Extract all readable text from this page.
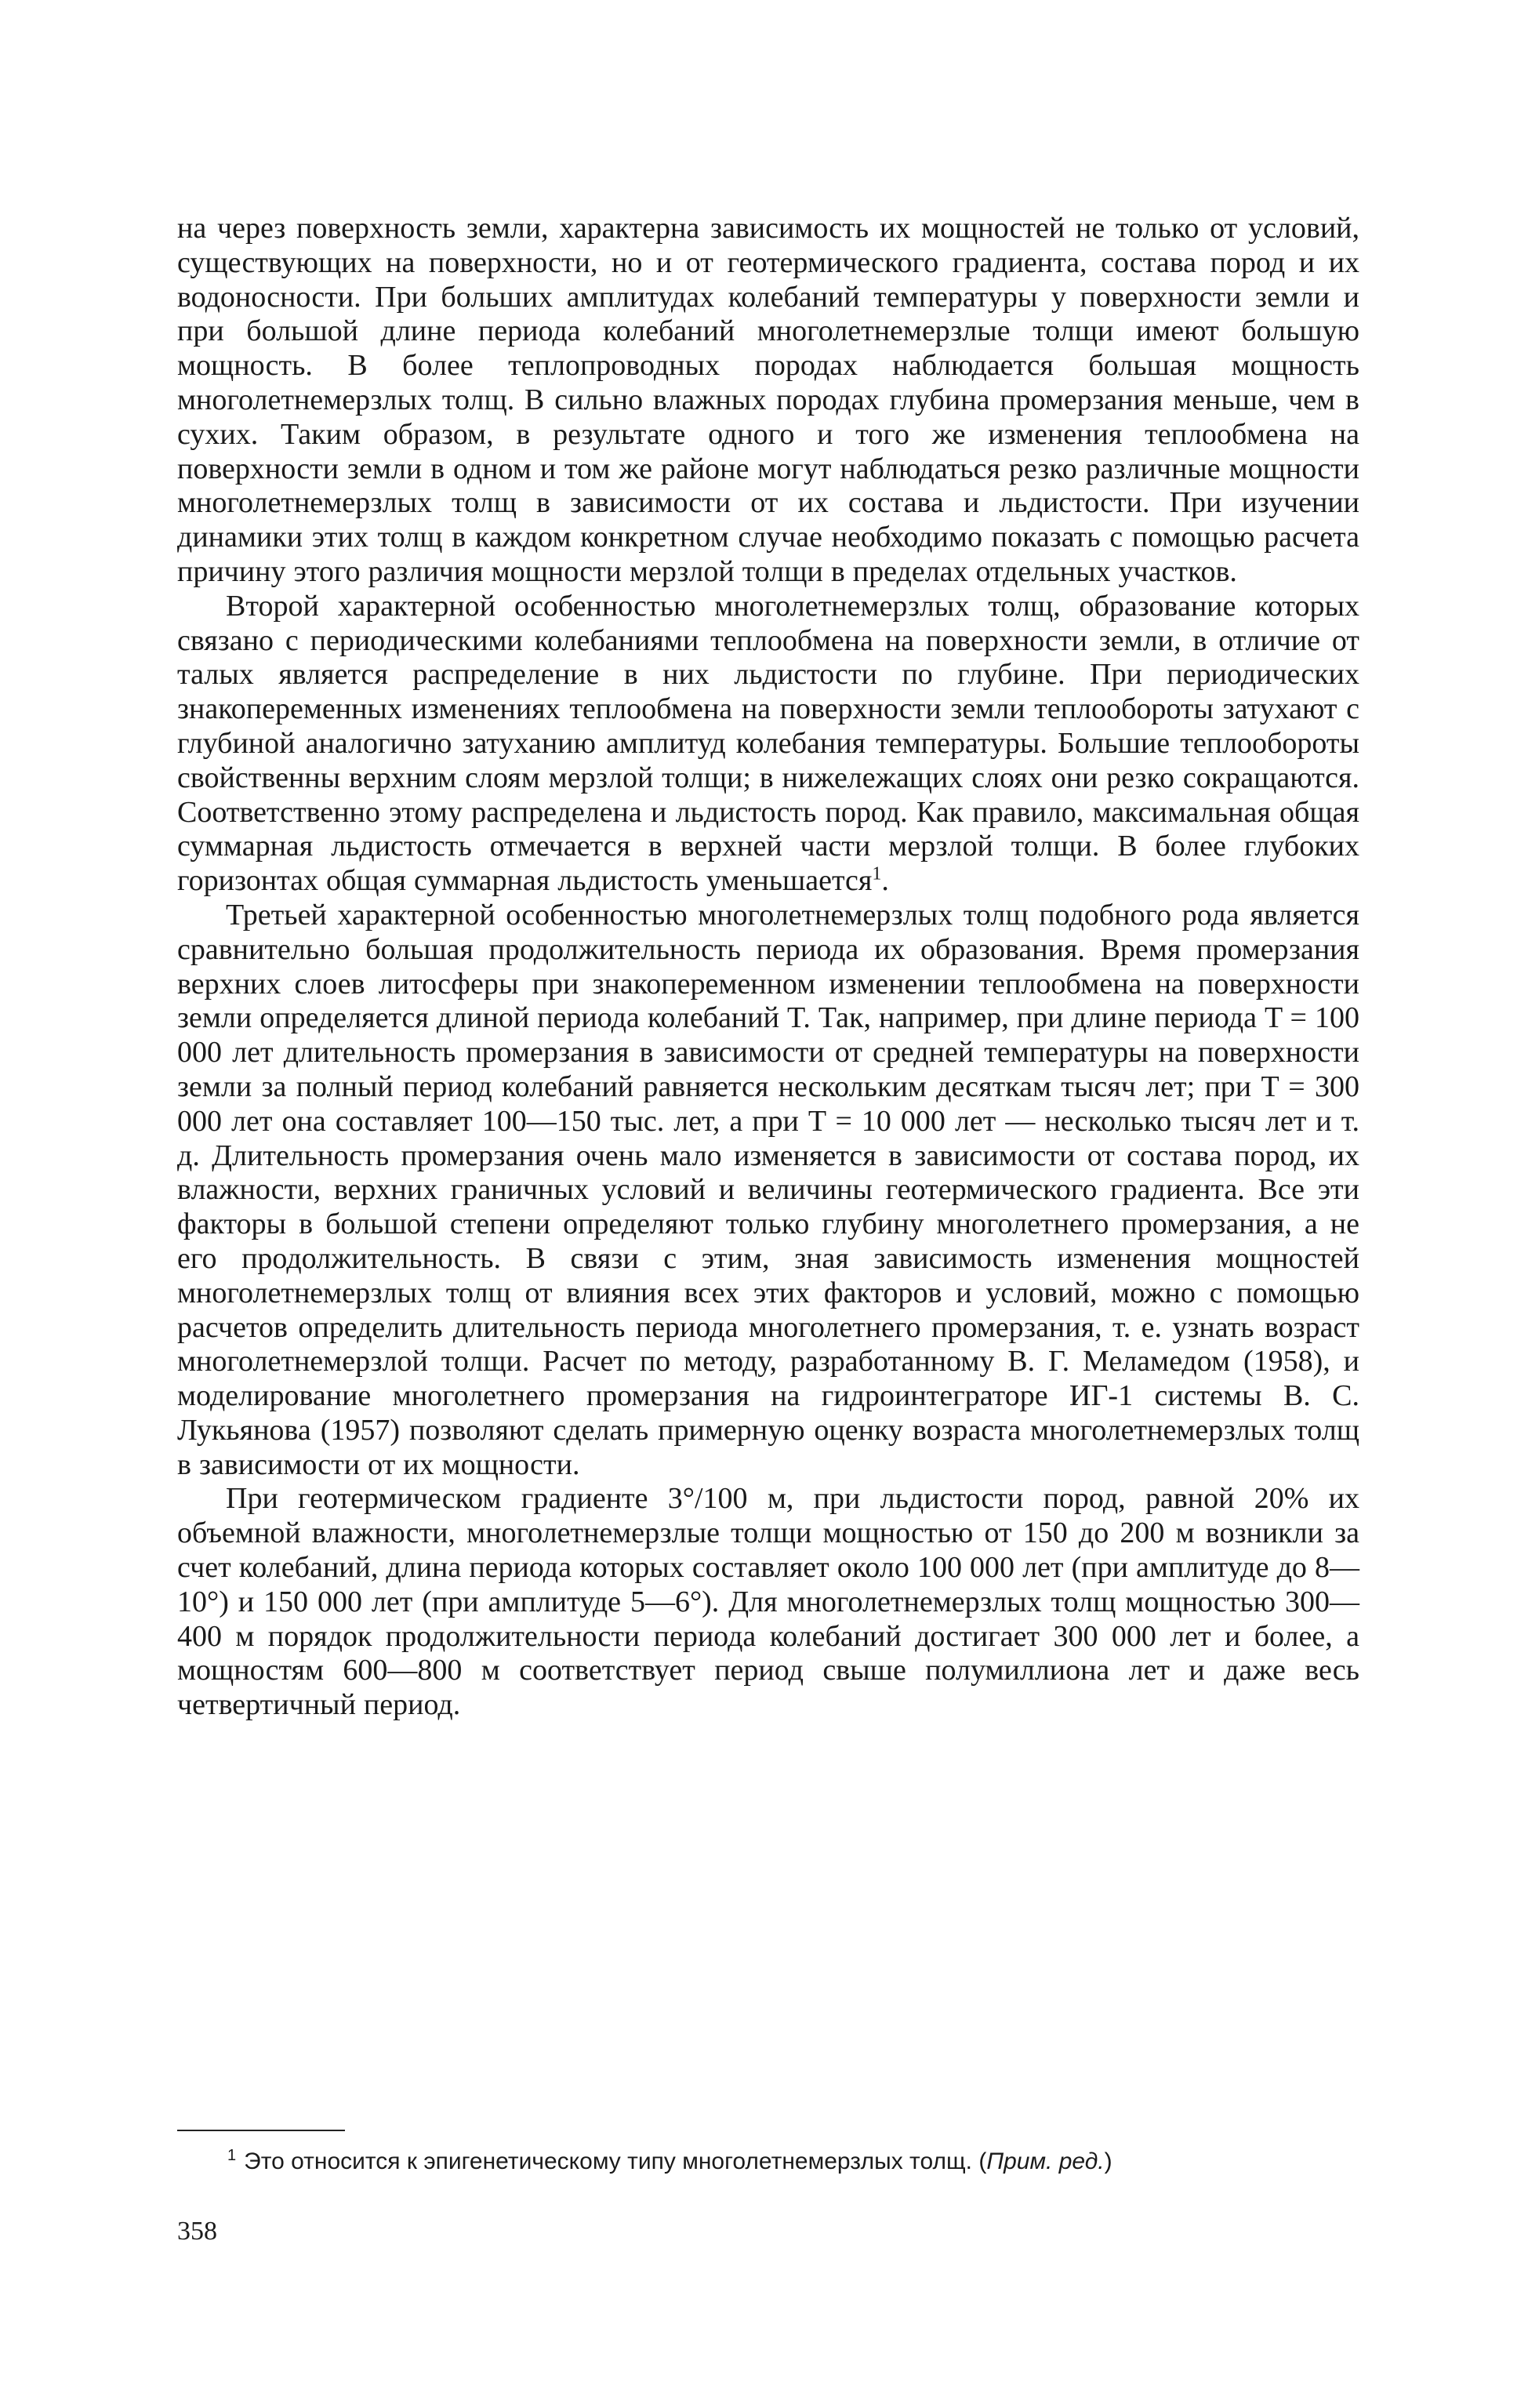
на через поверхность земли, характерна зависимость их мощностей не только от условий, существующих на поверхности, но и от геотермического градиента, состава пород и их водоносности. При больших амплитудах колебаний температуры у поверхности земли и при большой длине периода колебаний многолетнемерзлые толщи имеют большую мощность. В более теплопроводных породах наблюдается большая мощность многолетнемерзлых толщ. В сильно влажных породах глубина промерзания меньше, чем в сухих. Таким образом, в результате одного и того же изменения теплообмена на поверхности земли в одном и том же районе могут наблюдаться резко различные мощности многолетнемерзлых толщ в зависимости от их состава и льдистости. При изучении динамики этих толщ в каждом конкретном случае необходимо показать с помощью расчета причину этого различия мощности мерзлой толщи в пределах отдельных участков.

Второй характерной особенностью многолетнемерзлых толщ, образование которых связано с периодическими колебаниями теплообмена на поверхности земли, в отличие от талых является распределение в них льдистости по глубине. При периодических знакопеременных изменениях теплообмена на поверхности земли теплообороты затухают с глубиной аналогично затуханию амплитуд колебания температуры. Большие теплообороты свойственны верхним слоям мерзлой толщи; в нижележащих слоях они резко сокращаются. Соответственно этому распределена и льдистость пород. Как правило, максимальная общая суммарная льдистость отмечается в верхней части мерзлой толщи. В более глубоких горизонтах общая суммарная льдистость уменьшается$^1$.

Третьей характерной особенностью многолетнемерзлых толщ подобного рода является сравнительно большая продолжительность периода их образования. Время промерзания верхних слоев литосферы при знакопеременном изменении теплообмена на поверхности земли определяется длиной периода колебаний T. Так, например, при длине периода T = 100 000 лет длительность промерзания в зависимости от средней температуры на поверхности земли за полный период колебаний равняется нескольким десяткам тысяч лет; при T = 300 000 лет она составляет 100—150 тыс. лет, а при T = 10 000 лет — несколько тысяч лет и т. д. Длительность промерзания очень мало изменяется в зависимости от состава пород, их влажности, верхних граничных условий и величины геотермического градиента. Все эти факторы в большой степени определяют только глубину многолетнего промерзания, а не его продолжительность. В связи с этим, зная зависимость изменения мощностей многолетнемерзлых толщ от влияния всех этих факторов и условий, можно с помощью расчетов определить длительность периода многолетнего промерзания, т. е. узнать возраст многолетнемерзлой толщи. Расчет по методу, разработанному В. Г. Меламедом (1958), и моделирование многолетнего промерзания на гидроинтеграторе ИГ-1 системы В. С. Лукьянова (1957) позволяют сделать примерную оценку возраста многолетнемерзлых толщ в зависимости от их мощности.

При геотермическом градиенте 3°/100 м, при льдистости пород, равной 20% их объемной влажности, многолетнемерзлые толщи мощностью от 150 до 200 м возникли за счет колебаний, длина периода которых составляет около 100 000 лет (при амплитуде до 8—10°) и 150 000 лет (при амплитуде 5—6°). Для многолетнемерзлых толщ мощностью 300—400 м порядок продолжительности периода колебаний достигает 300 000 лет и более, а мощностям 600—800 м соответствует период свыше полумиллиона лет и даже весь четвертичный период.

$^1$ Это относится к эпигенетическому типу многолетнемерзлых толщ. (Прим. ред.)

358
